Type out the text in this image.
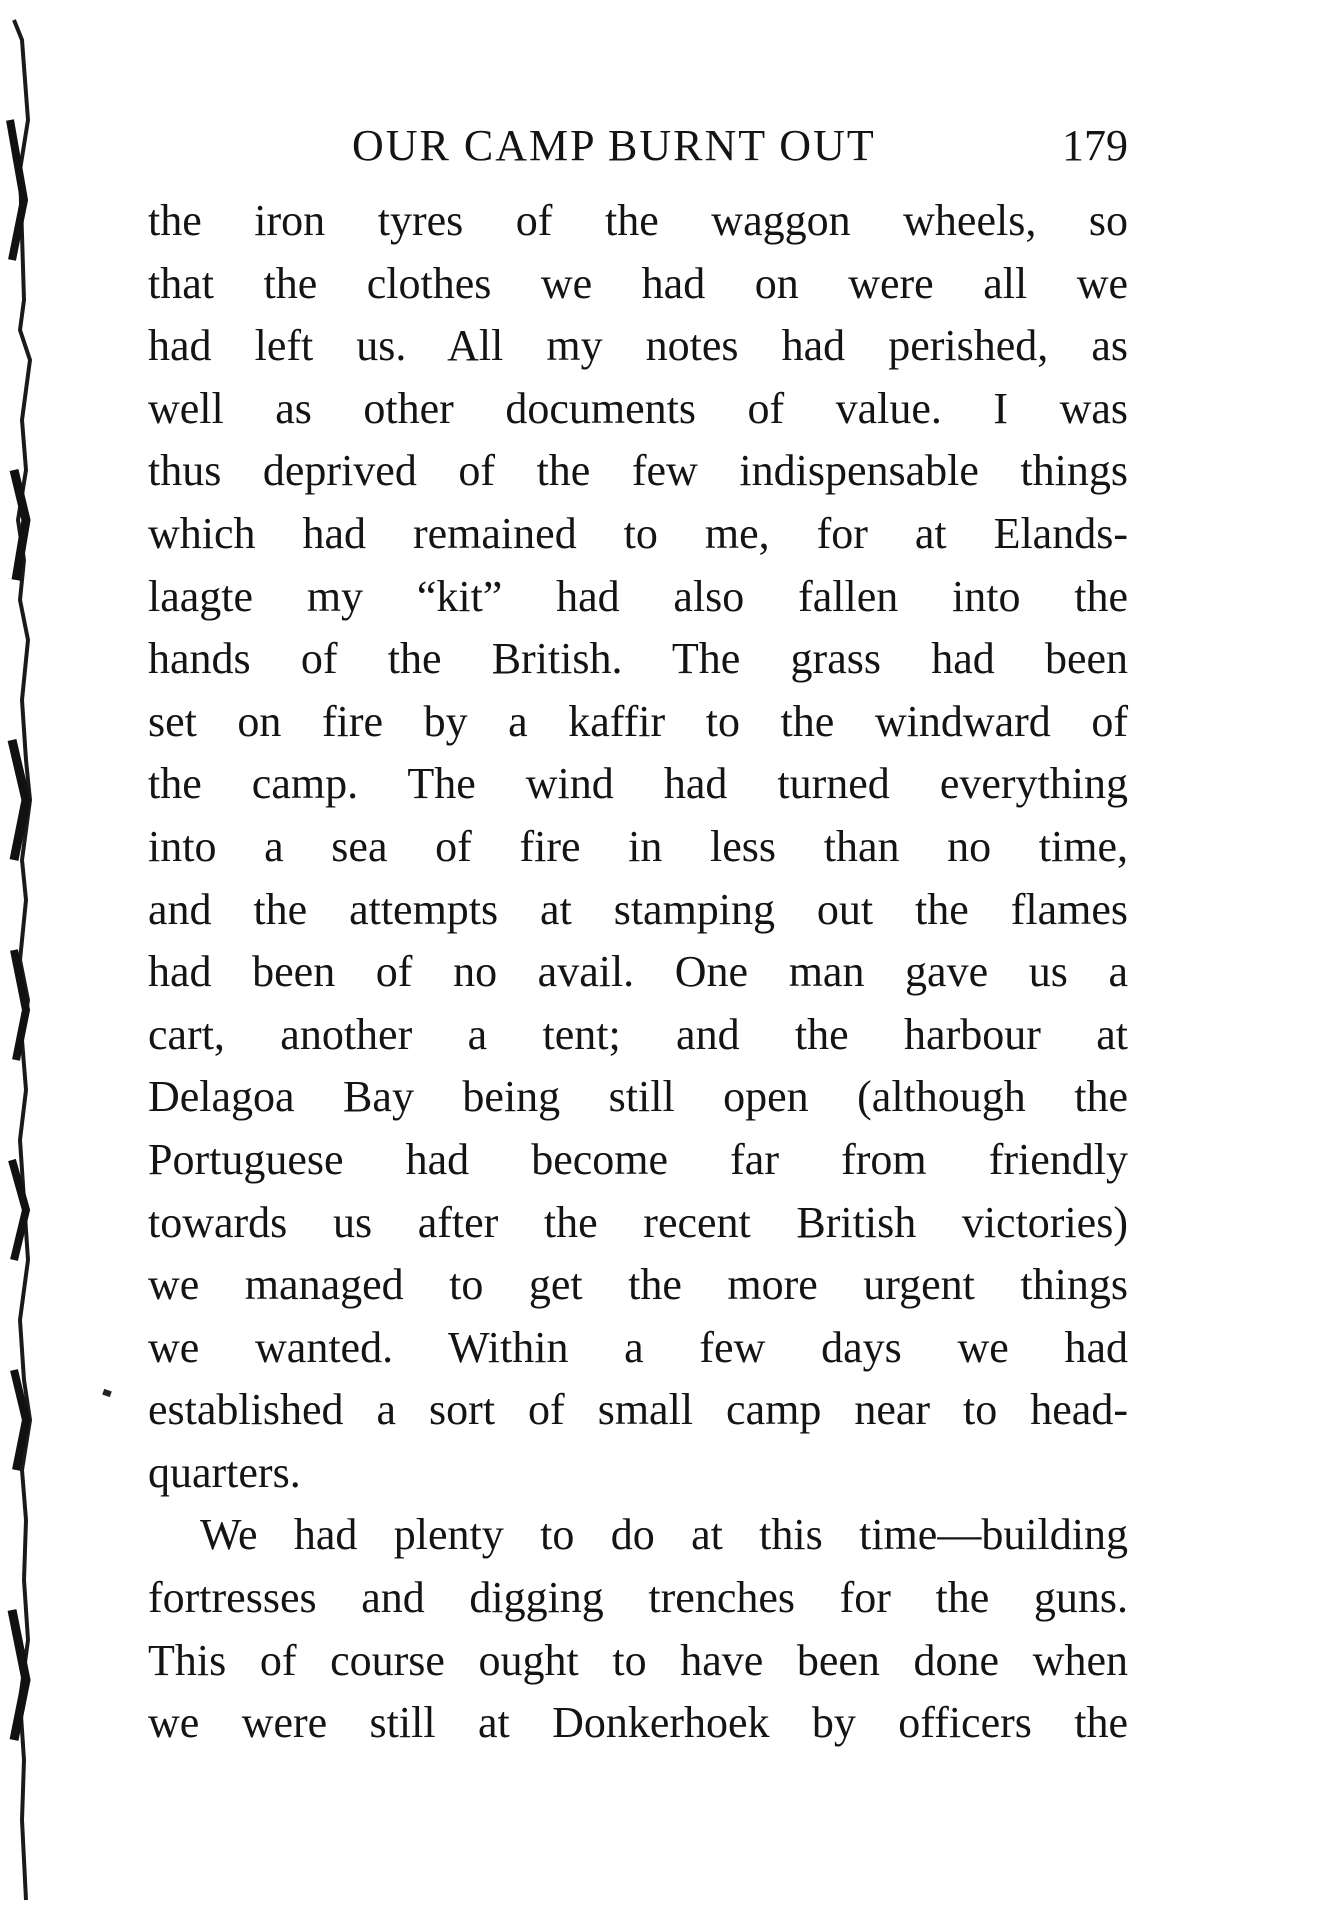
OUR CAMP BURNT OUT	179
the iron tyres of the waggon wheels, so
that the clothes we had on were all we
had left us. All my notes had perished, as
well as other documents of value. I was
thus deprived of the few indispensable things
which had remained to me, for at Elands-
laagte my “kit” had also fallen into the
hands of the British. The grass had been
set on fire by a kaffir to the windward of
the camp. The wind had turned everything
into a sea of fire in less than no time,
and the attempts at stamping out the flames
had been of no avail. One man gave us a
cart, another a tent; and the harbour at
Delagoa Bay being still open (although the
Portuguese had become far from friendly
towards us after the recent British victories)
we managed to get the more urgent things
we wanted. Within a few days we had
established a sort of small camp near to head-
quarters.
We had plenty to do at this time—building
fortresses and digging trenches for the guns.
This of course ought to have been done when
we were still at Donkerhoek by officers the
